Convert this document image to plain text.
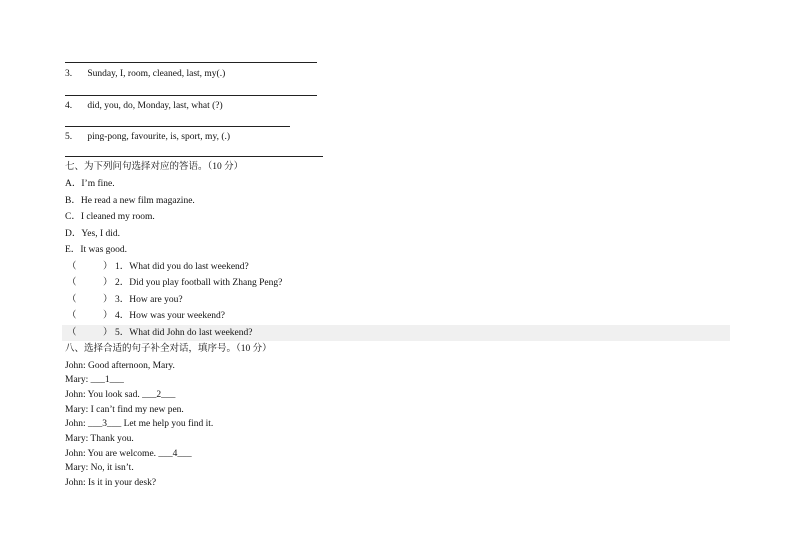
3. Sunday, I, room, cleaned, last, my(.)
4. did, you, do, Monday, last, what (?)
5. ping-pong, favourite, is, sport, my, (.)
七、为下列问句选择对应的答语。（10 分）
A．I’m fine.
B．He read a new film magazine.
C．I cleaned my room.
D．Yes, I did.
E．It was good.
（	） 1．What did you do last weekend?
（	） 2．Did you play football with Zhang Peng?
（	） 3．How are you?
（	） 4．How was your weekend?
（	） 5．What did John do last weekend?
八、选择合适的句子补全对话，填序号。（10 分）
John: Good afternoon, Mary.
Mary: ___1___
John: You look sad. ___2___
Mary: I can’t find my new pen.
John: ___3___ Let me help you find it.
Mary: Thank you.
John: You are welcome. ___4___
Mary: No, it isn’t.
John: Is it in your desk?
